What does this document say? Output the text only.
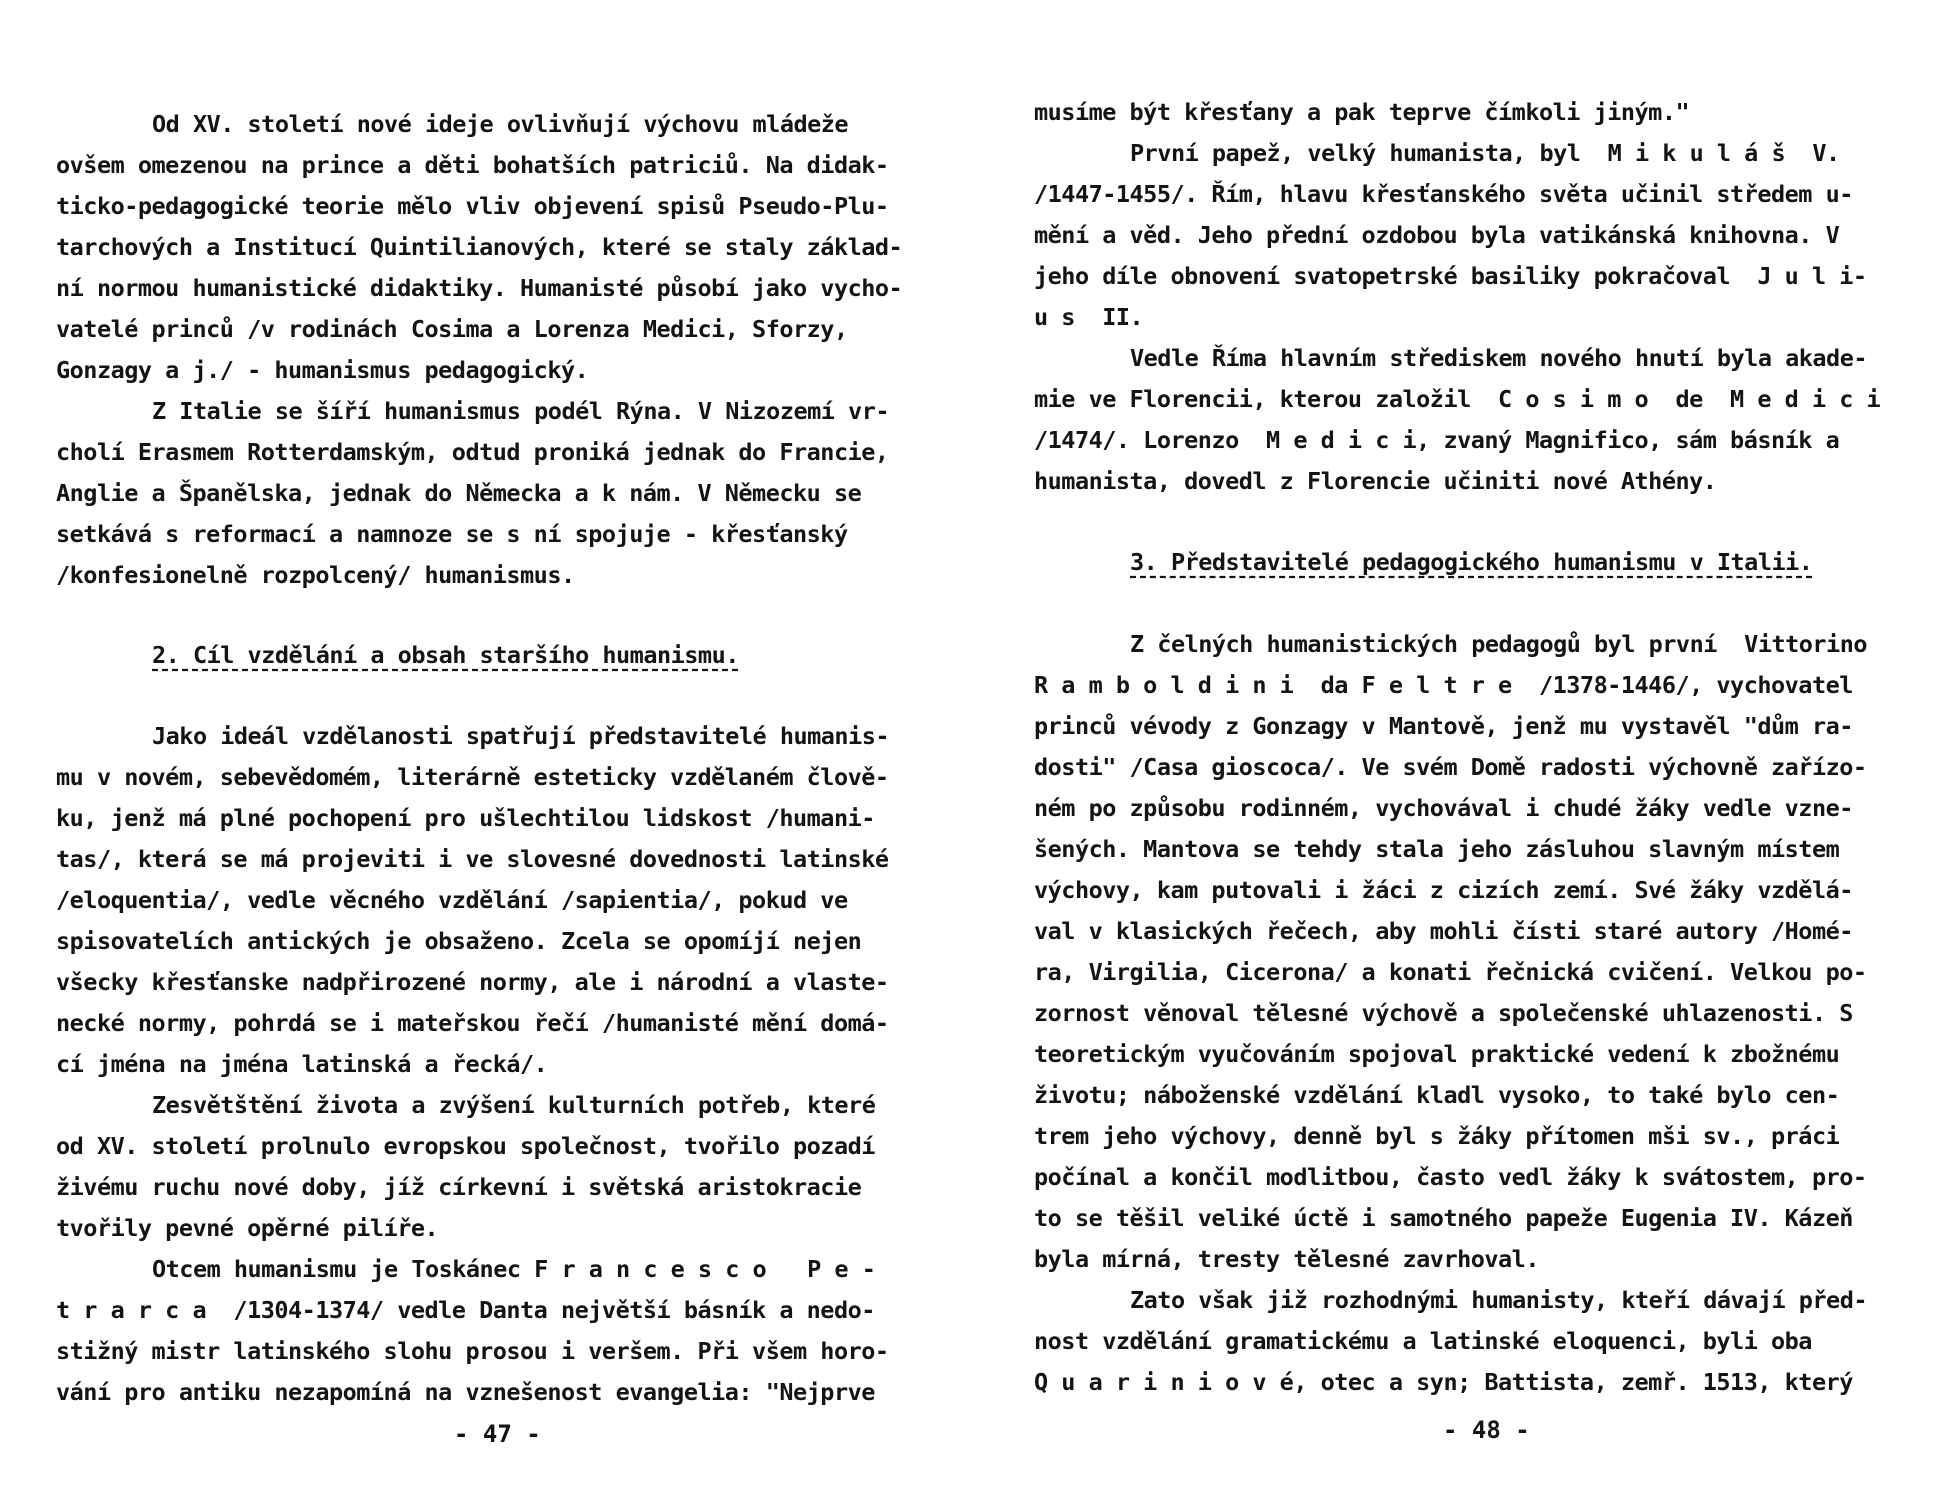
Od XV. století nové ideje ovlivňují výchovu mládeže
ovšem omezenou na prince a děti bohatších patriciů. Na didak-
ticko-pedagogické teorie mělo vliv objevení spisů Pseudo-Plu-
tarchových a Institucí Quintilianových, které se staly základ-
ní normou humanistické didaktiky. Humanisté působí jako vycho-
vatelé princů /v rodinách Cosima a Lorenza Medici, Sforzy,
Gonzagy a j./ - humanismus pedagogický.
Z Italie se šíří humanismus podél Rýna. V Nizozemí vr-
cholí Erasmem Rotterdamským, odtud proniká jednak do Francie,
Anglie a Španělska, jednak do Německa a k nám. V Německu se
setkává s reformací a namnoze se s ní spojuje - křesťanský
/konfesionelně rozpolcený/ humanismus.
2. Cíl vzdělání a obsah staršího humanismu.
Jako ideál vzdělanosti spatřují představitelé humanis-
mu v novém, sebevědomém, literárně esteticky vzdělaném člově-
ku, jenž má plné pochopení pro ušlechtilou lidskost /humani-
tas/, která se má projeviti i ve slovesné dovednosti latinské
/eloquentia/, vedle věcného vzdělání /sapientia/, pokud ve
spisovatelích antických je obsaženo. Zcela se opomíjí nejen
všecky křesťanske nadpřirozené normy, ale i národní a vlaste-
necké normy, pohrdá se i mateřskou řečí /humanisté mění domá-
cí jména na jména latinská a řecká/.
Zesvětštění života a zvýšení kulturních potřeb, které
od XV. století prolnulo evropskou společnost, tvořilo pozadí
živému ruchu nové doby, jíž církevní i světská aristokracie
tvořily pevné opěrné pilíře.
Otcem humanismu je Toskánec F r a n c e s c o   P e -
t r a r c a  /1304-1374/ vedle Danta největší básník a nedo-
stižný mistr latinského slohu prosou i veršem. Při všem horo-
vání pro antiku nezapomíná na vznešenost evangelia: "Nejprve
- 47 -
musíme být křesťany a pak teprve čímkoli jiným."
První papež, velký humanista, byl  M i k u l á š  V.
/1447-1455/. Řím, hlavu křesťanského světa učinil středem u-
mění a věd. Jeho přední ozdobou byla vatikánská knihovna. V
jeho díle obnovení svatopetrské basiliky pokračoval  J u l i-
u s  II.
Vedle Říma hlavním střediskem nového hnutí byla akade-
mie ve Florencii, kterou založil  C o s i m o  de  M e d i c i
/1474/. Lorenzo  M e d i c i, zvaný Magnifico, sám básník a
humanista, dovedl z Florencie učiniti nové Athény.
3. Představitelé pedagogického humanismu v Italii.
Z čelných humanistických pedagogů byl první  Vittorino
R a m b o l d i n i  da F e l t r e  /1378-1446/, vychovatel
princů vévody z Gonzagy v Mantově, jenž mu vystavěl "dům ra-
dosti" /Casa gioscoca/. Ve svém Domě radosti výchovně zařízo-
ném po způsobu rodinném, vychovával i chudé žáky vedle vzne-
šených. Mantova se tehdy stala jeho zásluhou slavným místem
výchovy, kam putovali i žáci z cizích zemí. Své žáky vzdělá-
val v klasických řečech, aby mohli čísti staré autory /Homé-
ra, Virgilia, Cicerona/ a konati řečnická cvičení. Velkou po-
zornost věnoval tělesné výchově a společenské uhlazenosti. S
teoretickým vyučováním spojoval praktické vedení k zbožnému
životu; náboženské vzdělání kladl vysoko, to také bylo cen-
trem jeho výchovy, denně byl s žáky přítomen mši sv., práci
počínal a končil modlitbou, často vedl žáky k svátostem, pro-
to se těšil veliké úctě i samotného papeže Eugenia IV. Kázeň
byla mírná, tresty tělesné zavrhoval.
Zato však již rozhodnými humanisty, kteří dávají před-
nost vzdělání gramatickému a latinské eloquenci, byli oba
Q u a r i n i o v é, otec a syn; Battista, zemř. 1513, který
- 48 -
